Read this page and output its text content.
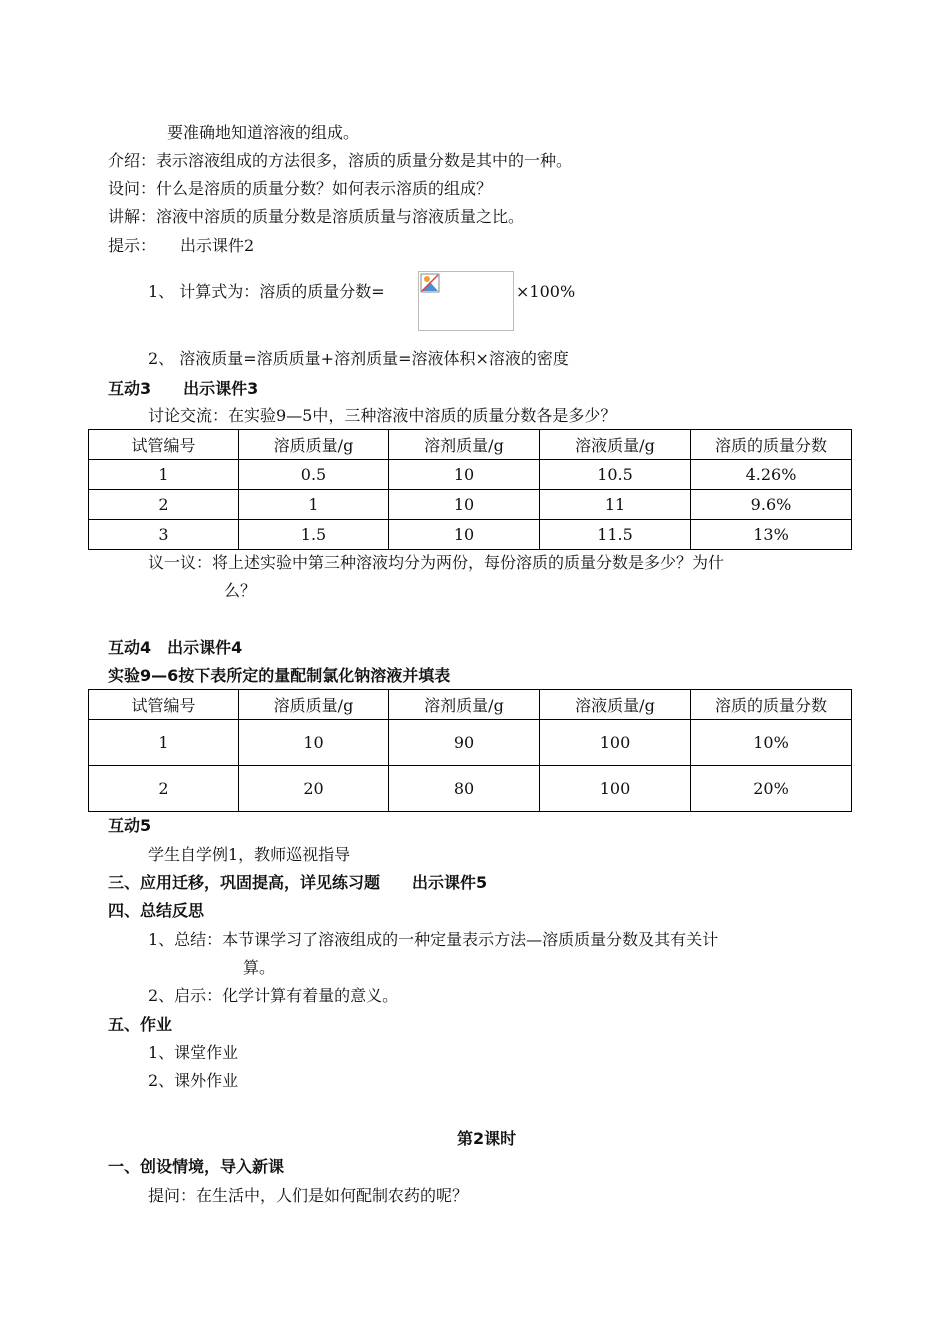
要准确地知道溶液的组成。
介绍：表示溶液组成的方法很多，溶质的质量分数是其中的一种。
设问：什么是溶质的质量分数？如何表示溶质的组成？
讲解：溶液中溶质的质量分数是溶质质量与溶液质量之比。
提示：　　出示课件2
1、 计算式为：溶质的质量分数=	×100%
2、 溶液质量=溶质质量+溶剂质量=溶液体积×溶液的密度
互动3　　出示课件3
讨论交流：在实验9—5中，三种溶液中溶质的质量分数各是多少？
试管编号	溶质质量/g	溶剂质量/g	溶液质量/g	溶质的质量分数
1	0.5	10	10.5	4.26%
2	1	10	11	9.6%
3	1.5	10	11.5	13%
议一议：将上述实验中第三种溶液均分为两份，每份溶质的质量分数是多少？为什
么？
互动4　出示课件4
实验9—6按下表所定的量配制氯化钠溶液并填表
试管编号	溶质质量/g	溶剂质量/g	溶液质量/g	溶质的质量分数
1	10	90	100	10%
2	20	80	100	20%
互动5
学生自学例1，教师巡视指导
三、应用迁移，巩固提高，详见练习题　　出示课件5
四、总结反思
1、总结：本节课学习了溶液组成的一种定量表示方法—溶质质量分数及其有关计
算。
2、启示：化学计算有着量的意义。
五、作业
1、课堂作业
2、课外作业
第2课时
一、创设情境，导入新课
提问：在生活中，人们是如何配制农药的呢？
